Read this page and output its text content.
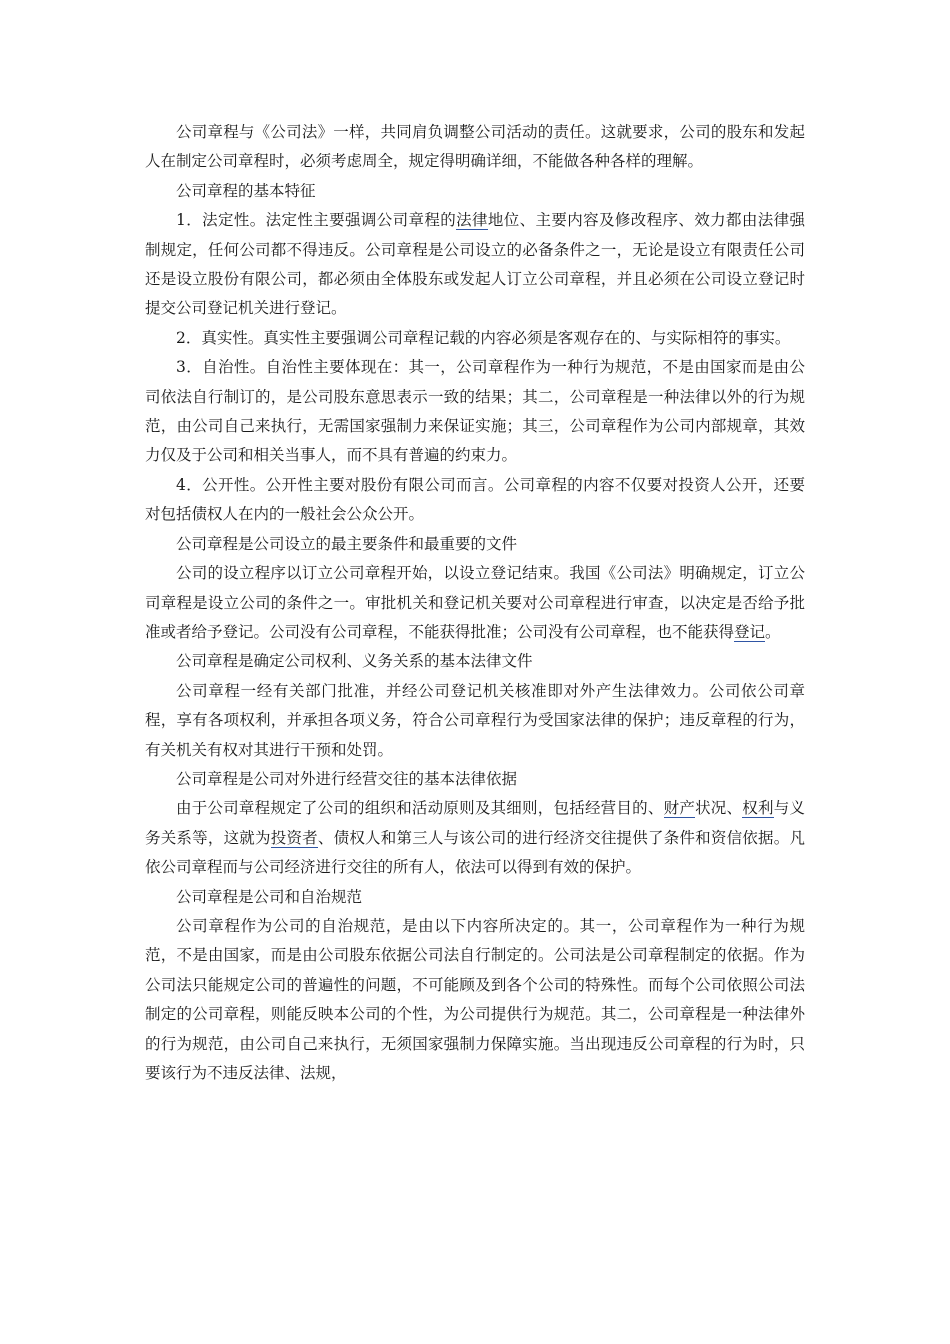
公司章程与《公司法》一样，共同肩负调整公司活动的责任。这就要求，公司的股东和发起人在制定公司章程时，必须考虑周全，规定得明确详细，不能做各种各样的理解。

公司章程的基本特征

1．法定性。法定性主要强调公司章程的法律地位、主要内容及修改程序、效力都由法律强制规定，任何公司都不得违反。公司章程是公司设立的必备条件之一，无论是设立有限责任公司还是设立股份有限公司，都必须由全体股东或发起人订立公司章程，并且必须在公司设立登记时提交公司登记机关进行登记。

2．真实性。真实性主要强调公司章程记载的内容必须是客观存在的、与实际相符的事实。

3．自治性。自治性主要体现在：其一，公司章程作为一种行为规范，不是由国家而是由公司依法自行制订的，是公司股东意思表示一致的结果；其二，公司章程是一种法律以外的行为规范，由公司自己来执行，无需国家强制力来保证实施；其三，公司章程作为公司内部规章，其效力仅及于公司和相关当事人，而不具有普遍的约束力。

4．公开性。公开性主要对股份有限公司而言。公司章程的内容不仅要对投资人公开，还要对包括债权人在内的一般社会公众公开。

公司章程是公司设立的最主要条件和最重要的文件

公司的设立程序以订立公司章程开始，以设立登记结束。我国《公司法》明确规定，订立公司章程是设立公司的条件之一。审批机关和登记机关要对公司章程进行审查，以决定是否给予批准或者给予登记。公司没有公司章程，不能获得批准；公司没有公司章程，也不能获得登记。

公司章程是确定公司权利、义务关系的基本法律文件

公司章程一经有关部门批准，并经公司登记机关核准即对外产生法律效力。公司依公司章程，享有各项权利，并承担各项义务，符合公司章程行为受国家法律的保护；违反章程的行为，有关机关有权对其进行干预和处罚。

公司章程是公司对外进行经营交往的基本法律依据

由于公司章程规定了公司的组织和活动原则及其细则，包括经营目的、财产状况、权利与义务关系等，这就为投资者、债权人和第三人与该公司的进行经济交往提供了条件和资信依据。凡依公司章程而与公司经济进行交往的所有人，依法可以得到有效的保护。

公司章程是公司和自治规范

公司章程作为公司的自治规范，是由以下内容所决定的。其一，公司章程作为一种行为规范，不是由国家，而是由公司股东依据公司法自行制定的。公司法是公司章程制定的依据。作为公司法只能规定公司的普遍性的问题，不可能顾及到各个公司的特殊性。而每个公司依照公司法制定的公司章程，则能反映本公司的个性，为公司提供行为规范。其二，公司章程是一种法律外的行为规范，由公司自己来执行，无须国家强制力保障实施。当出现违反公司章程的行为时，只要该行为不违反法律、法规，
